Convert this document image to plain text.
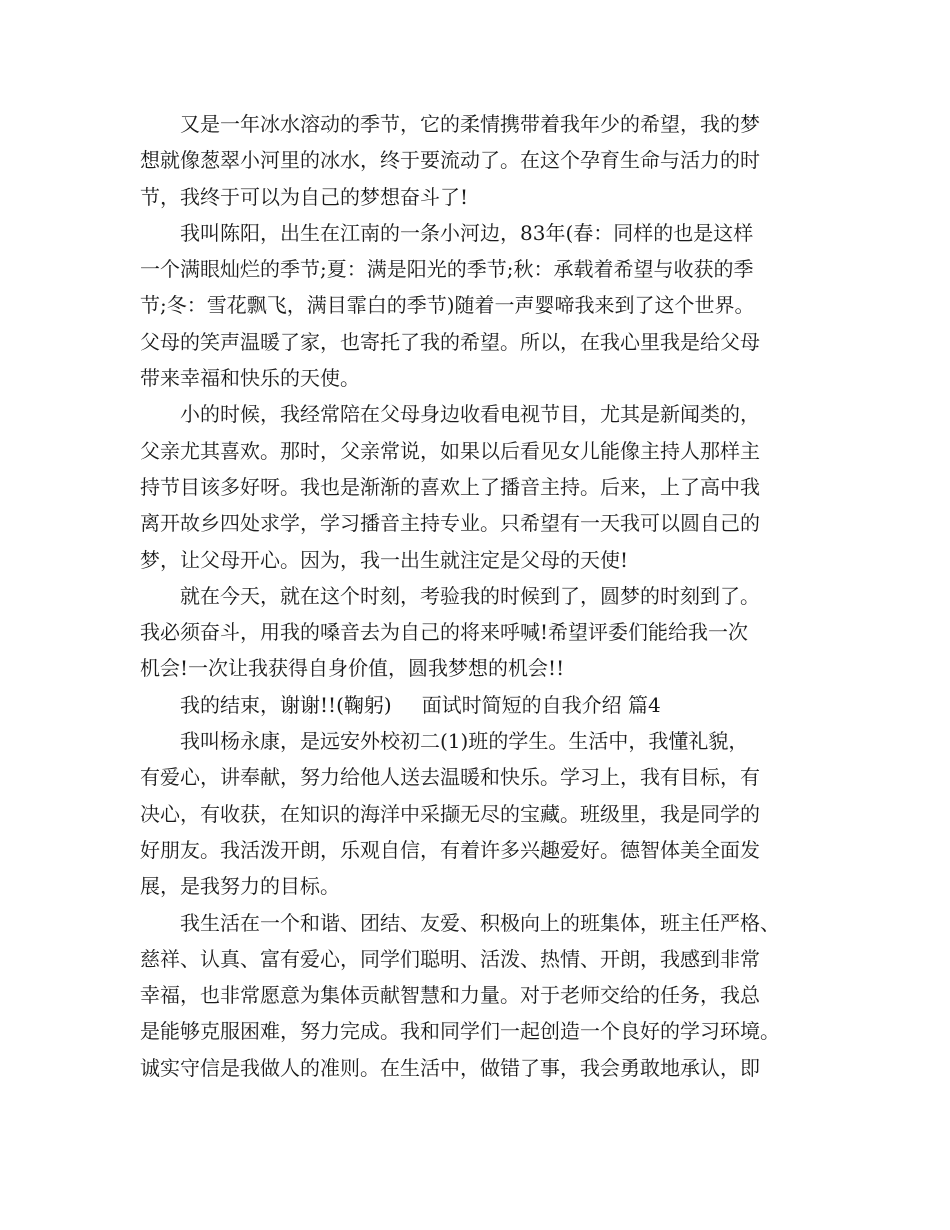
又是一年冰水溶动的季节，它的柔情携带着我年少的希望，我的梦
想就像葱翠小河里的冰水，终于要流动了。在这个孕育生命与活力的时
节，我终于可以为自己的梦想奋斗了!
我叫陈阳，出生在江南的一条小河边，83年(春：同样的也是这样
一个满眼灿烂的季节;夏：满是阳光的季节;秋：承载着希望与收获的季
节;冬：雪花飘飞，满目霏白的季节)随着一声婴啼我来到了这个世界。
父母的笑声温暖了家，也寄托了我的希望。所以，在我心里我是给父母
带来幸福和快乐的天使。
小的时候，我经常陪在父母身边收看电视节目，尤其是新闻类的，
父亲尤其喜欢。那时，父亲常说，如果以后看见女儿能像主持人那样主
持节目该多好呀。我也是渐渐的喜欢上了播音主持。后来，上了高中我
离开故乡四处求学，学习播音主持专业。只希望有一天我可以圆自己的
梦，让父母开心。因为，我一出生就注定是父母的天使!
就在今天，就在这个时刻，考验我的时候到了，圆梦的时刻到了。
我必须奋斗，用我的嗓音去为自己的将来呼喊!希望评委们能给我一次
机会!一次让我获得自身价值，圆我梦想的机会!!
我的结束，谢谢!!(鞠躬) 面试时简短的自我介绍 篇4
我叫杨永康，是远安外校初二(1)班的学生。生活中，我懂礼貌，
有爱心，讲奉献，努力给他人送去温暖和快乐。学习上，我有目标，有
决心，有收获，在知识的海洋中采撷无尽的宝藏。班级里，我是同学的
好朋友。我活泼开朗，乐观自信，有着许多兴趣爱好。德智体美全面发
展，是我努力的目标。
我生活在一个和谐、团结、友爱、积极向上的班集体，班主任严格、
慈祥、认真、富有爱心，同学们聪明、活泼、热情、开朗，我感到非常
幸福，也非常愿意为集体贡献智慧和力量。对于老师交给的任务，我总
是能够克服困难，努力完成。我和同学们一起创造一个良好的学习环境。
诚实守信是我做人的准则。在生活中，做错了事，我会勇敢地承认，即
